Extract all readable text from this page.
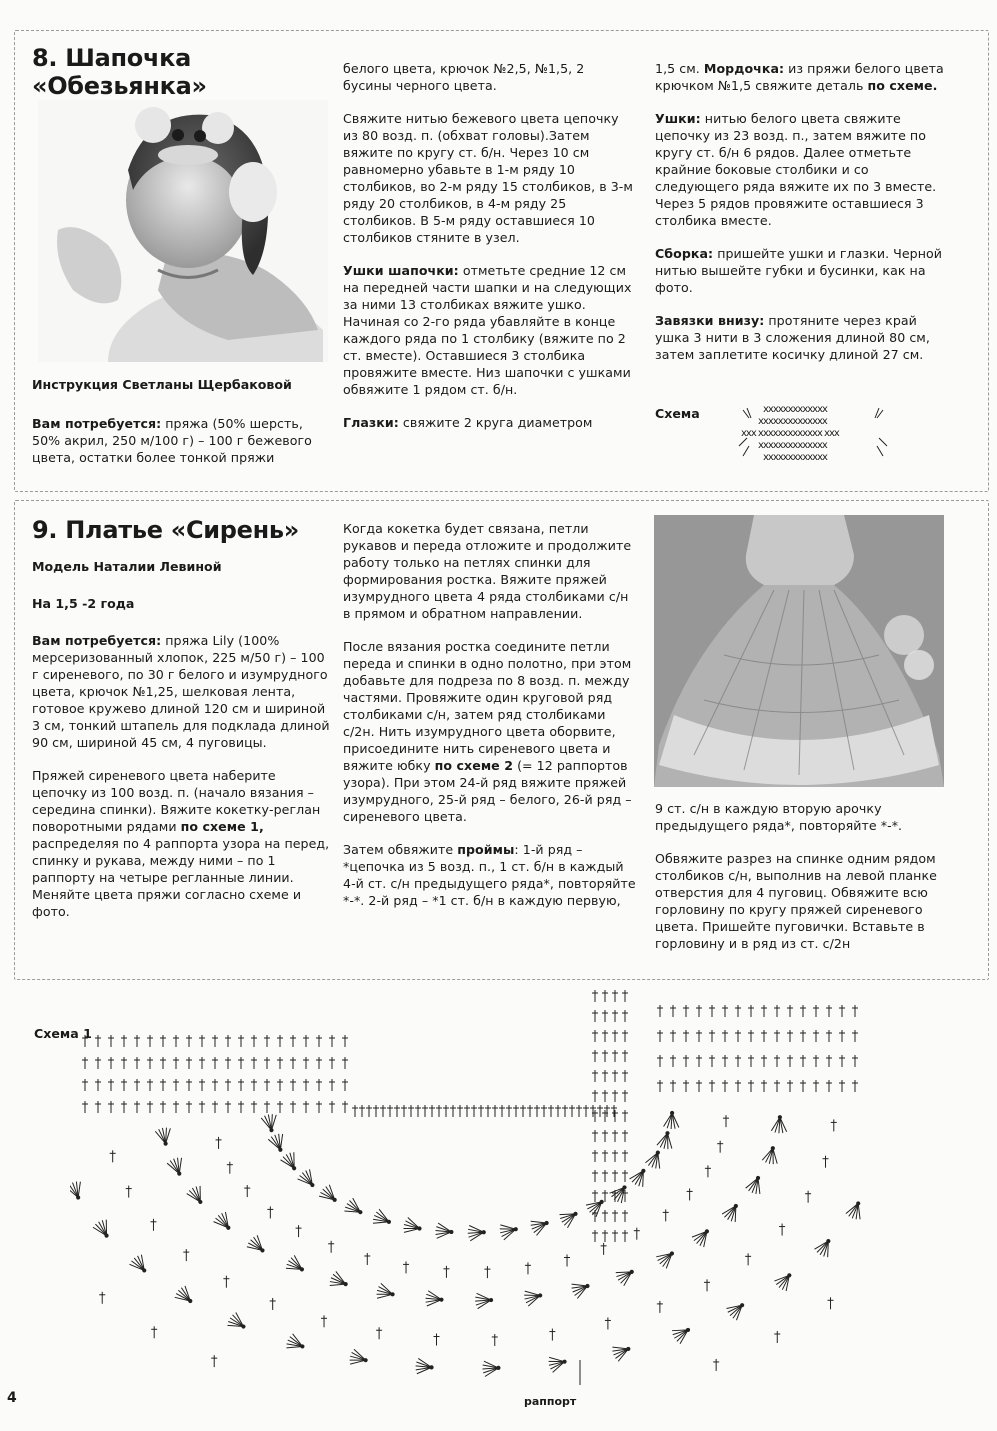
8. Шапочка
«Обезьянка»
Инструкция Светланы Щербаковой

Вам потребуется: пряжа (50% шерсть, 50% акрил, 250 м/100 г) – 100 г бежевого цвета, остатки более тонкой пряжи

белого цвета, крючок №2,5, №1,5, 2 бусины черного цвета.

Свяжите нитью бежевого цвета цепочку из 80 возд. п. (обхват головы).Затем вяжите по кругу ст. б/н. Через 10 см равномерно убавьте в 1-м ряду 10 столбиков, во 2-м ряду 15 столбиков, в 3-м ряду 20 столбиков, в 4-м ряду 25 столбиков. В 5-м ряду оставшиеся 10 столбиков стяните в узел.

Ушки шапочки: отметьте средние 12 см на передней части шапки и на следующих за ними 13 столбиках вяжите ушко. Начиная со 2-го ряда убавляйте в конце каждого ряда по 1 столбику (вяжите по 2 ст. вместе). Оставшиеся 3 столбика провяжите вместе. Низ шапочки с ушками обвяжите 1 рядом ст. б/н.

Глазки: свяжите 2 круга диаметром

1,5 см. Мордочка: из пряжи белого цвета крючком №1,5 свяжите деталь по схеме.

Ушки: нитью белого цвета свяжите цепочку из 23 возд. п., затем вяжите по кругу ст. б/н 6 рядов. Далее отметьте крайние боковые столбики и со следующего ряда вяжите их по 3 вместе. Через 5 рядов провяжите оставшиеся 3 столбика вместе.

Сборка: пришейте ушки и глазки. Черной нитью вышейте губки и бусинки, как на фото.

Завязки внизу: протяните через край ушка 3 нити в 3 сложения длиной 80 см, затем заплетите косичку длиной 27 см.

Схема	xxxxxxxxxxxxx
xxxxxxxxxxxxxx
xxx xxxxxxxxxxxxx xxx
xxxxxxxxxxxxxx
xxxxxxxxxxxxx
9. Платье «Сирень»
Модель Наталии Левиной
На 1,5 -2 года

Вам потребуется: пряжа Lily (100% мерсеризованный хлопок, 225 м/50 г) – 100 г сиреневого, по 30 г белого и изумрудного цвета, крючок №1,25, шелковая лента, готовое кружево длиной 120 см и шириной 3 см, тонкий штапель для подклада длиной 90 см, шириной 45 см, 4 пуговицы.

Пряжей сиреневого цвета наберите цепочку из 100 возд. п. (начало вязания – середина спинки). Вяжите кокетку-реглан поворотными рядами по схеме 1, распределяя по 4 раппорта узора на перед, спинку и рукава, между ними – по 1 раппорту на четыре регланные линии. Меняйте цвета пряжи согласно схеме и фото.

Когда кокетка будет связана, петли рукавов и переда отложите и продолжите работу только на петлях спинки для формирования ростка. Вяжите пряжей изумрудного цвета 4 ряда столбиками с/н в прямом и обратном направлении.

После вязания ростка соедините петли переда и спинки в одно полотно, при этом добавьте для подреза по 8 возд. п. между частями. Провяжите один круговой ряд столбиками с/н, затем ряд столбиками с/2н. Нить изумрудного цвета оборвите, присоедините нить сиреневого цвета и вяжите юбку по схеме 2 (= 12 раппортов узора). При этом 24-й ряд вяжите пряжей изумрудного, 25-й ряд – белого, 26-й ряд – сиреневого цвета.

Затем обвяжите проймы: 1-й ряд – *цепочка из 5 возд. п., 1 ст. б/н в каждый 4-й ст. с/н предыдущего ряда*, повторяйте *-*. 2-й ряд – *1 ст. б/н в каждую первую,

9 ст. с/н в каждую вторую арочку предыдущего ряда*, повторяйте *-*.

Обвяжите разрез на спинке одним рядом столбиков с/н, выполнив на левой планке отверстия для 4 пуговиц. Обвяжите всю горловину по кругу пряжей сиреневого цвета. Пришейте пуговички. Вставьте в горловину и в ряд из ст. с/2н

Схема 1
раппорт
4
